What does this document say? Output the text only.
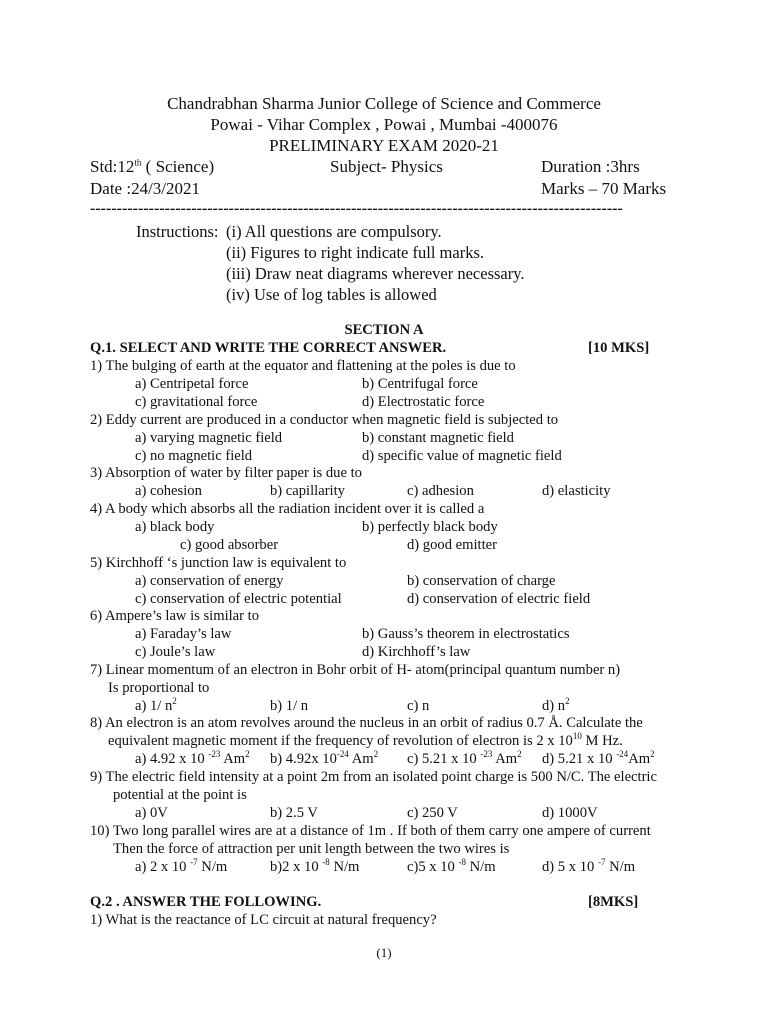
Chandrabhan Sharma Junior College of Science and Commerce
Powai - Vihar Complex , Powai , Mumbai -400076
PRELIMINARY EXAM 2020-21
Std:12th ( Science)	Subject- Physics	Duration :3hrs
Date :24/3/2021	Marks – 70 Marks
----------------------------------------------------------------------------------------------------
Instructions: (i) All questions are compulsory.
(ii) Figures to right indicate full marks.
(iii) Draw neat diagrams wherever necessary.
(iv) Use of log tables is allowed
SECTION A
Q.1. SELECT AND WRITE THE CORRECT ANSWER.	[10 MKS]
1) The bulging of earth at the equator and flattening at the poles is due to
a) Centripetal force	b) Centrifugal force
c) gravitational force	d) Electrostatic force
2) Eddy current are produced in a conductor when magnetic field is subjected to
a) varying magnetic field	b) constant magnetic field
c) no magnetic field	d) specific value of magnetic field
3) Absorption of water by filter paper is due to
a) cohesion	b) capillarity	c) adhesion	d) elasticity
4) A body which absorbs all the radiation incident over it is called a
a) black body	b) perfectly black body
c) good absorber	d) good emitter
5) Kirchhoff ‘s junction law is equivalent to
a) conservation of energy	b) conservation of charge
c) conservation of electric potential	d) conservation of electric field
6) Ampere’s law is similar to
a) Faraday’s law	b) Gauss’s theorem in electrostatics
c) Joule’s law	d) Kirchhoff’s law
7) Linear momentum of an electron in Bohr orbit of H- atom(principal quantum number n)
Is proportional to
a) 1/ $n^2$	b) 1/ n	c) n	d) $n^2$
8) An electron is an atom revolves around the nucleus in an orbit of radius 0.7 Å. Calculate the
equivalent magnetic moment if the frequency of revolution of electron is 2 x $10^{10}$ M Hz.
a) 4.92 x 10 $^{-23}$ Am$^2$ b) 4.92x $10^{-24}$ Am$^2$ c) 5.21 x 10 $^{-23}$ Am$^2$ d) 5.21 x 10 $^{-24}$Am$^2$
9) The electric field intensity at a point 2m from an isolated point charge is 500 N/C. The electric
potential at the point is
a) 0V	b) 2.5 V	c) 250 V	d) 1000V
10) Two long parallel wires are at a distance of 1m . If both of them carry one ampere of current
Then the force of attraction per unit length between the two wires is
a) 2 x 10 $^{-7}$ N/m	b)2 x 10 $^{-8}$ N/m	c)5 x 10 $^{-8}$ N/m	d) 5 x 10 $^{-7}$ N/m
Q.2 . ANSWER THE FOLLOWING.	[8MKS]
1) What is the reactance of LC circuit at natural frequency?
(1)
